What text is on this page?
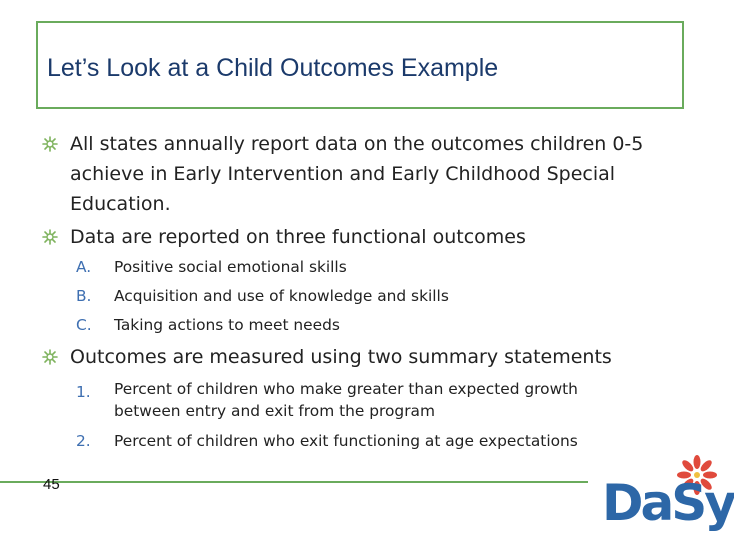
Let’s Look at a Child Outcomes Example
All states annually report data on the outcomes children 0-5 achieve in Early Intervention and Early Childhood Special Education.
Data are reported on three functional outcomes
A. Positive social emotional skills
B. Acquisition and use of knowledge and skills
C. Taking actions to meet needs
Outcomes are measured using two summary statements
1. Percent of children who make greater than expected growth between entry and exit from the program
2. Percent of children who exit functioning at age expectations
45	DaSy
